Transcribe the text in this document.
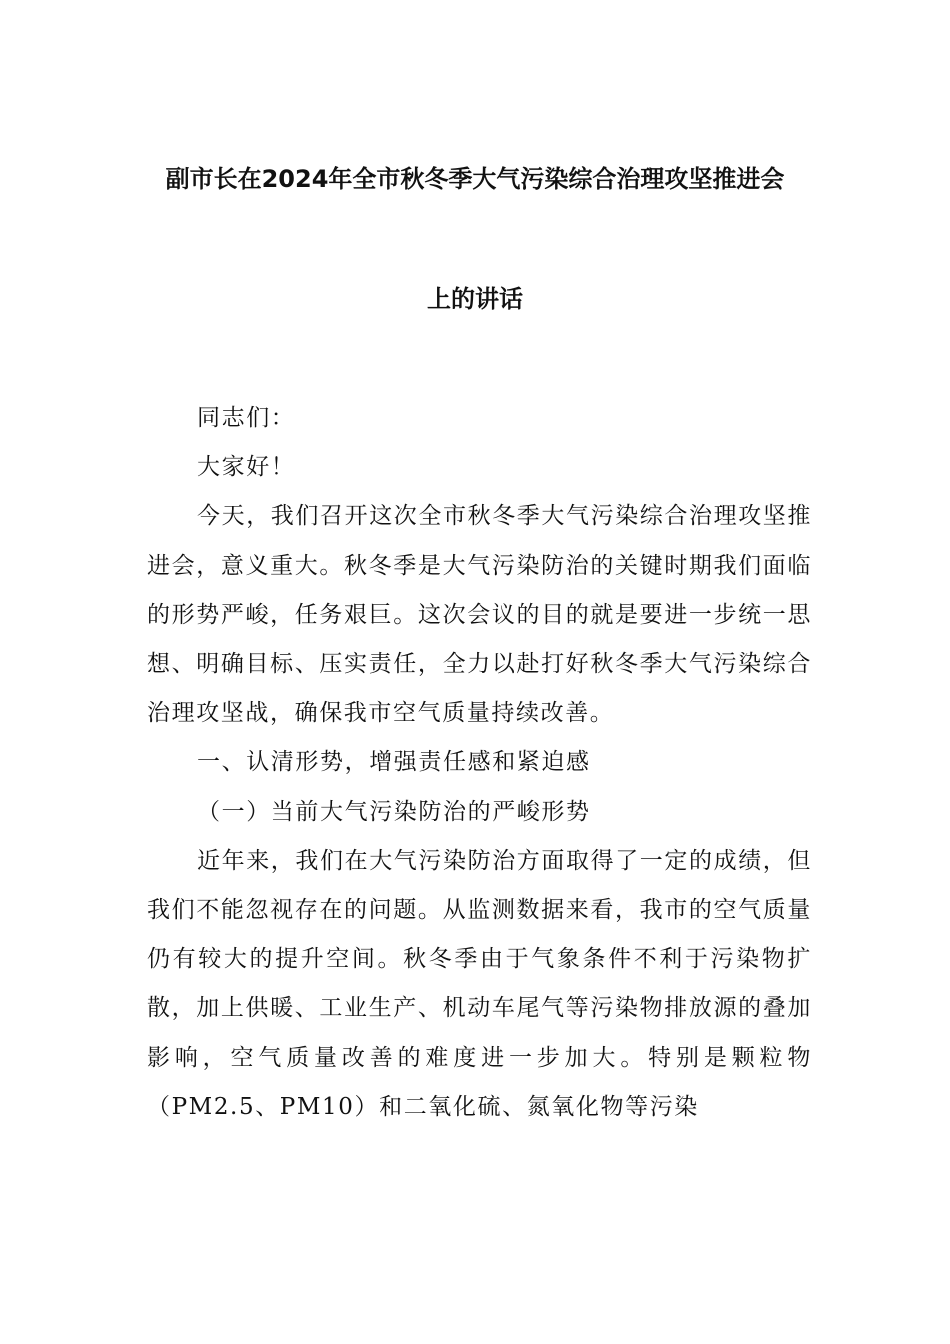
副市长在2024年全市秋冬季大气污染综合治理攻坚推进会
上的讲话

同志们：

大家好！

今天，我们召开这次全市秋冬季大气污染综合治理攻坚推进会，意义重大。秋冬季是大气污染防治的关键时期我们面临的形势严峻，任务艰巨。这次会议的目的就是要进一步统一思想、明确目标、压实责任，全力以赴打好秋冬季大气污染综合治理攻坚战，确保我市空气质量持续改善。

一、认清形势，增强责任感和紧迫感

（一）当前大气污染防治的严峻形势

近年来，我们在大气污染防治方面取得了一定的成绩，但我们不能忽视存在的问题。从监测数据来看，我市的空气质量仍有较大的提升空间。秋冬季由于气象条件不利于污染物扩散，加上供暖、工业生产、机动车尾气等污染物排放源的叠加影响，空气质量改善的难度进一步加大。特别是颗粒物（PM2.5、PM10）和二氧化硫、氮氧化物等污染
